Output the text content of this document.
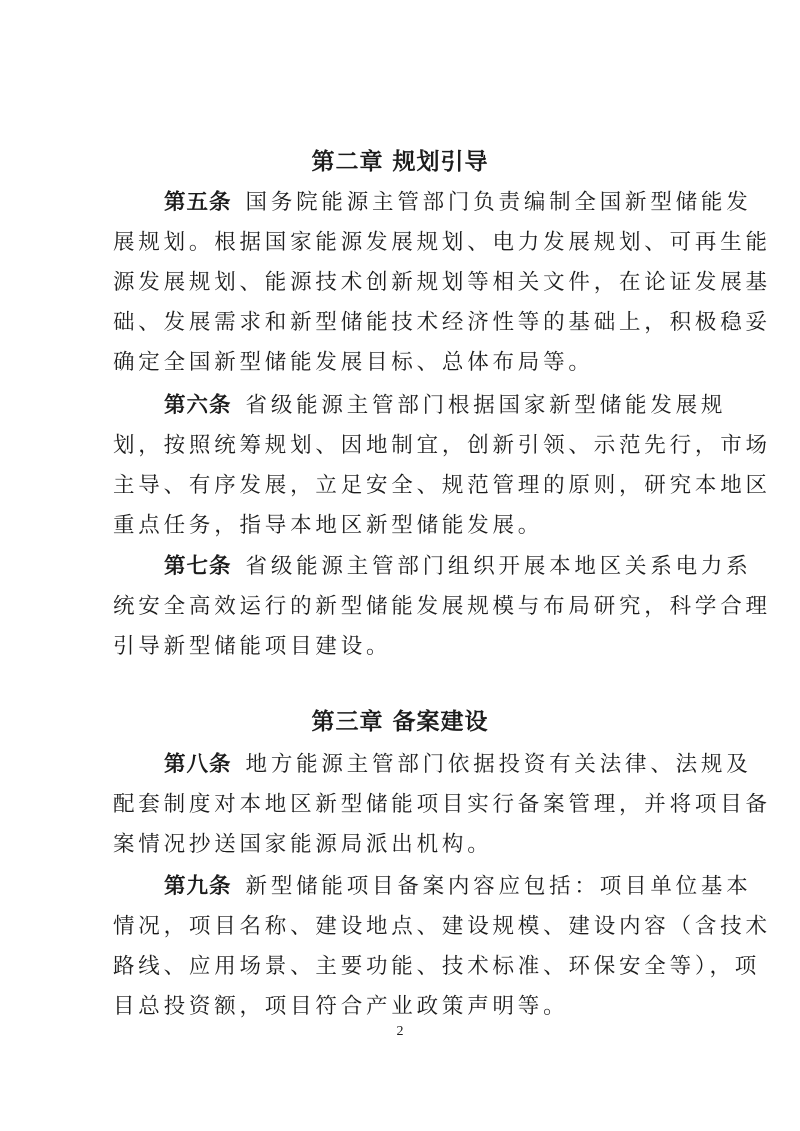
第二章 规划引导
第五条 国务院能源主管部门负责编制全国新型储能发
展规划。根据国家能源发展规划、电力发展规划、可再生能
源发展规划、能源技术创新规划等相关文件，在论证发展基
础、发展需求和新型储能技术经济性等的基础上，积极稳妥
确定全国新型储能发展目标、总体布局等。
第六条 省级能源主管部门根据国家新型储能发展规
划，按照统筹规划、因地制宜，创新引领、示范先行，市场
主导、有序发展，立足安全、规范管理的原则，研究本地区
重点任务，指导本地区新型储能发展。
第七条 省级能源主管部门组织开展本地区关系电力系
统安全高效运行的新型储能发展规模与布局研究，科学合理
引导新型储能项目建设。
第三章 备案建设
第八条 地方能源主管部门依据投资有关法律、法规及
配套制度对本地区新型储能项目实行备案管理，并将项目备
案情况抄送国家能源局派出机构。
第九条 新型储能项目备案内容应包括：项目单位基本
情况，项目名称、建设地点、建设规模、建设内容（含技术
路线、应用场景、主要功能、技术标准、环保安全等），项
目总投资额，项目符合产业政策声明等。
2
